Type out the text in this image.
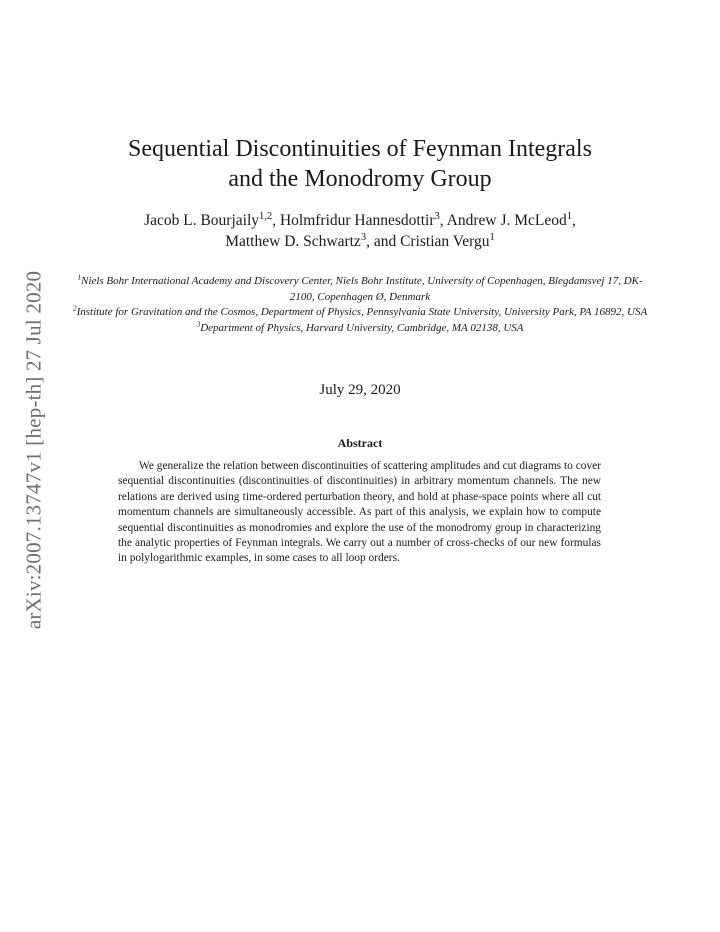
arXiv:2007.13747v1 [hep-th] 27 Jul 2020
Sequential Discontinuities of Feynman Integrals
and the Monodromy Group
Jacob L. Bourjaily$^{1,2}$, Holmfridur Hannesdottir$^3$, Andrew J. McLeod$^1$,
Matthew D. Schwartz$^3$, and Cristian Vergu$^1$
$^1$Niels Bohr International Academy and Discovery Center, Niels Bohr Institute, University of Copenhagen, Blegdamsvej 17, DK-2100, Copenhagen Ø, Denmark
$^2$Institute for Gravitation and the Cosmos, Department of Physics, Pennsylvania State University, University Park, PA 16892, USA
$^3$Department of Physics, Harvard University, Cambridge, MA 02138, USA
July 29, 2020
Abstract
We generalize the relation between discontinuities of scattering amplitudes and cut diagrams to cover sequential discontinuities (discontinuities of discontinuities) in arbitrary momentum channels. The new relations are derived using time-ordered perturbation theory, and hold at phase-space points where all cut momentum channels are simultaneously accessible. As part of this analysis, we explain how to compute sequential discontinuities as monodromies and explore the use of the monodromy group in characterizing the analytic properties of Feynman integrals. We carry out a number of cross-checks of our new formulas in polylogarithmic examples, in some cases to all loop orders.
